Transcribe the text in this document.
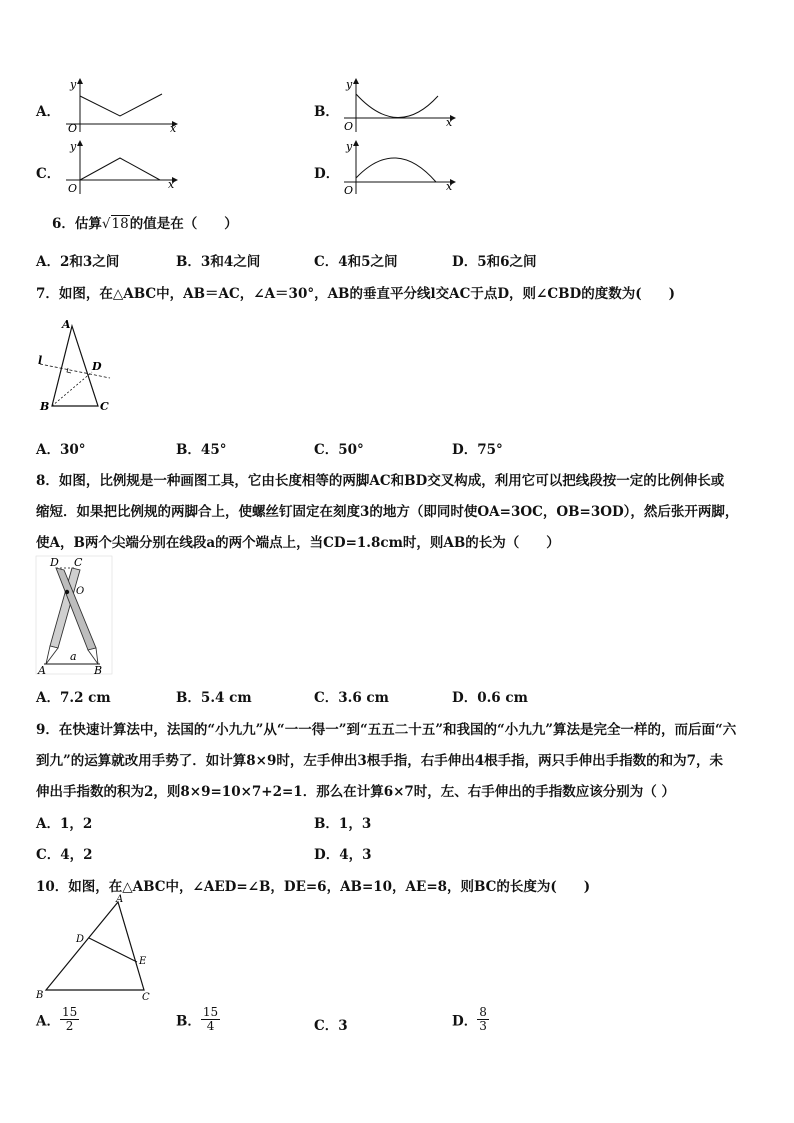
A．
y
O	x
B．
y
O	x
C．
y
O	x
D．
y
O	x
6．估算√18的值是在（　　）
A．2和3之间	B．3和4之间	C．4和5之间	D．5和6之间
7．如图，在△ABC中，AB＝AC，∠A＝30°，AB的垂直平分线l交AC于点D，则∠CBD的度数为(　　)
A
l	D
B	C
A．30°	B．45°	C．50°	D．75°
8．如图，比例规是一种画图工具，它由长度相等的两脚AC和BD交叉构成，利用它可以把线段按一定的比例伸长或
缩短．如果把比例规的两脚合上，使螺丝钉固定在刻度3的地方（即同时使OA=3OC，OB=3OD），然后张开两脚，
使A，B两个尖端分别在线段a的两个端点上，当CD=1.8cm时，则AB的长为（　　）
D C
O
A
a
B
A．7.2 cm	B．5.4 cm	C．3.6 cm	D．0.6 cm
9．在快速计算法中，法国的“小九九”从“一一得一”到“五五二十五”和我国的“小九九”算法是完全一样的，而后面“六
到九”的运算就改用手势了．如计算8×9时，左手伸出3根手指，右手伸出4根手指，两只手伸出手指数的和为7，未
伸出手指数的积为2，则8×9=10×7+2=1．那么在计算6×7时，左、右手伸出的手指数应该分别为（ ）
A．1，2	B．1，3
C．4，2	D．4，3
10．如图，在△ABC中，∠AED=∠B，DE=6，AB=10，AE=8，则BC的长度为(　　)
A
D
E
B	C
A． $\frac{15}{2}$	B． $\frac{15}{4}$	C．3	D． $\frac{8}{3}$
